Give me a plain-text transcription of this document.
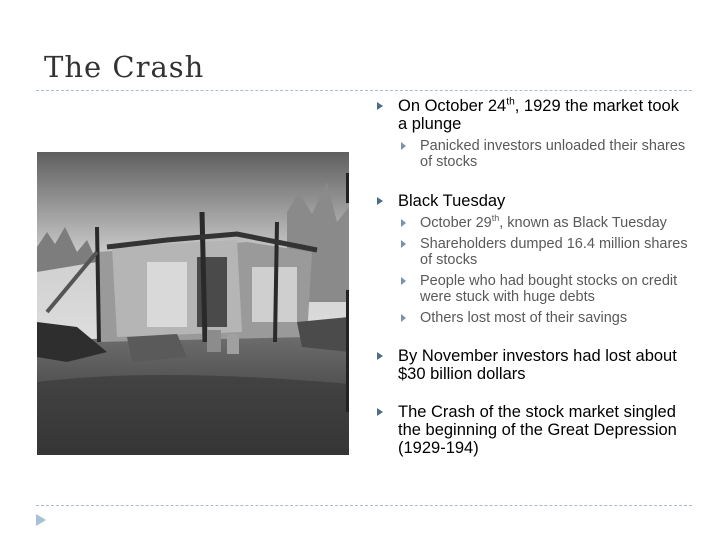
The Crash
On October 24th, 1929 the market took a plunge
Panicked investors unloaded their shares of stocks
Black Tuesday
October 29th, known as Black Tuesday
Shareholders dumped 16.4 million shares of stocks
People who had bought stocks on credit were stuck with huge debts
Others lost most of their savings
By November investors had lost about $30 billion dollars
The Crash of the stock market singled the beginning of the Great Depression (1929-194)
